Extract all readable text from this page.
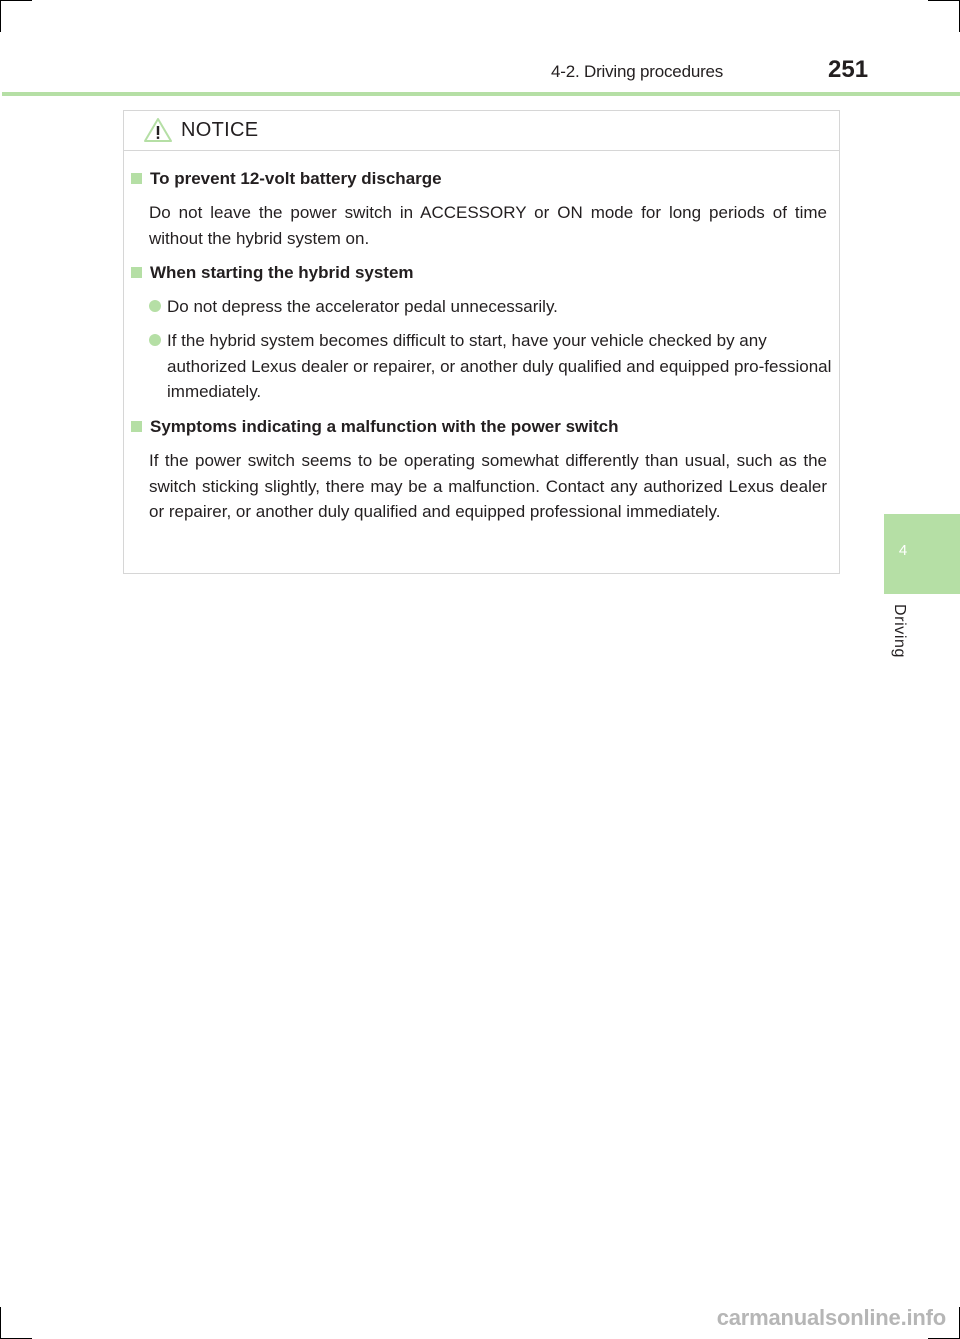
4-2. Driving procedures	251
4
Driving
NOTICE
To prevent 12-volt battery discharge
Do not leave the power switch in ACCESSORY or ON mode for long periods of time without the hybrid system on.
When starting the hybrid system
Do not depress the accelerator pedal unnecessarily.
If the hybrid system becomes difficult to start, have your vehicle checked by any authorized Lexus dealer or repairer, or another duly qualified and equipped pro-fessional immediately.
Symptoms indicating a malfunction with the power switch
If the power switch seems to be operating somewhat differently than usual, such as the switch sticking slightly, there may be a malfunction. Contact any authorized Lexus dealer or repairer, or another duly qualified and equipped professional immediately.
carmanualsonline.info
